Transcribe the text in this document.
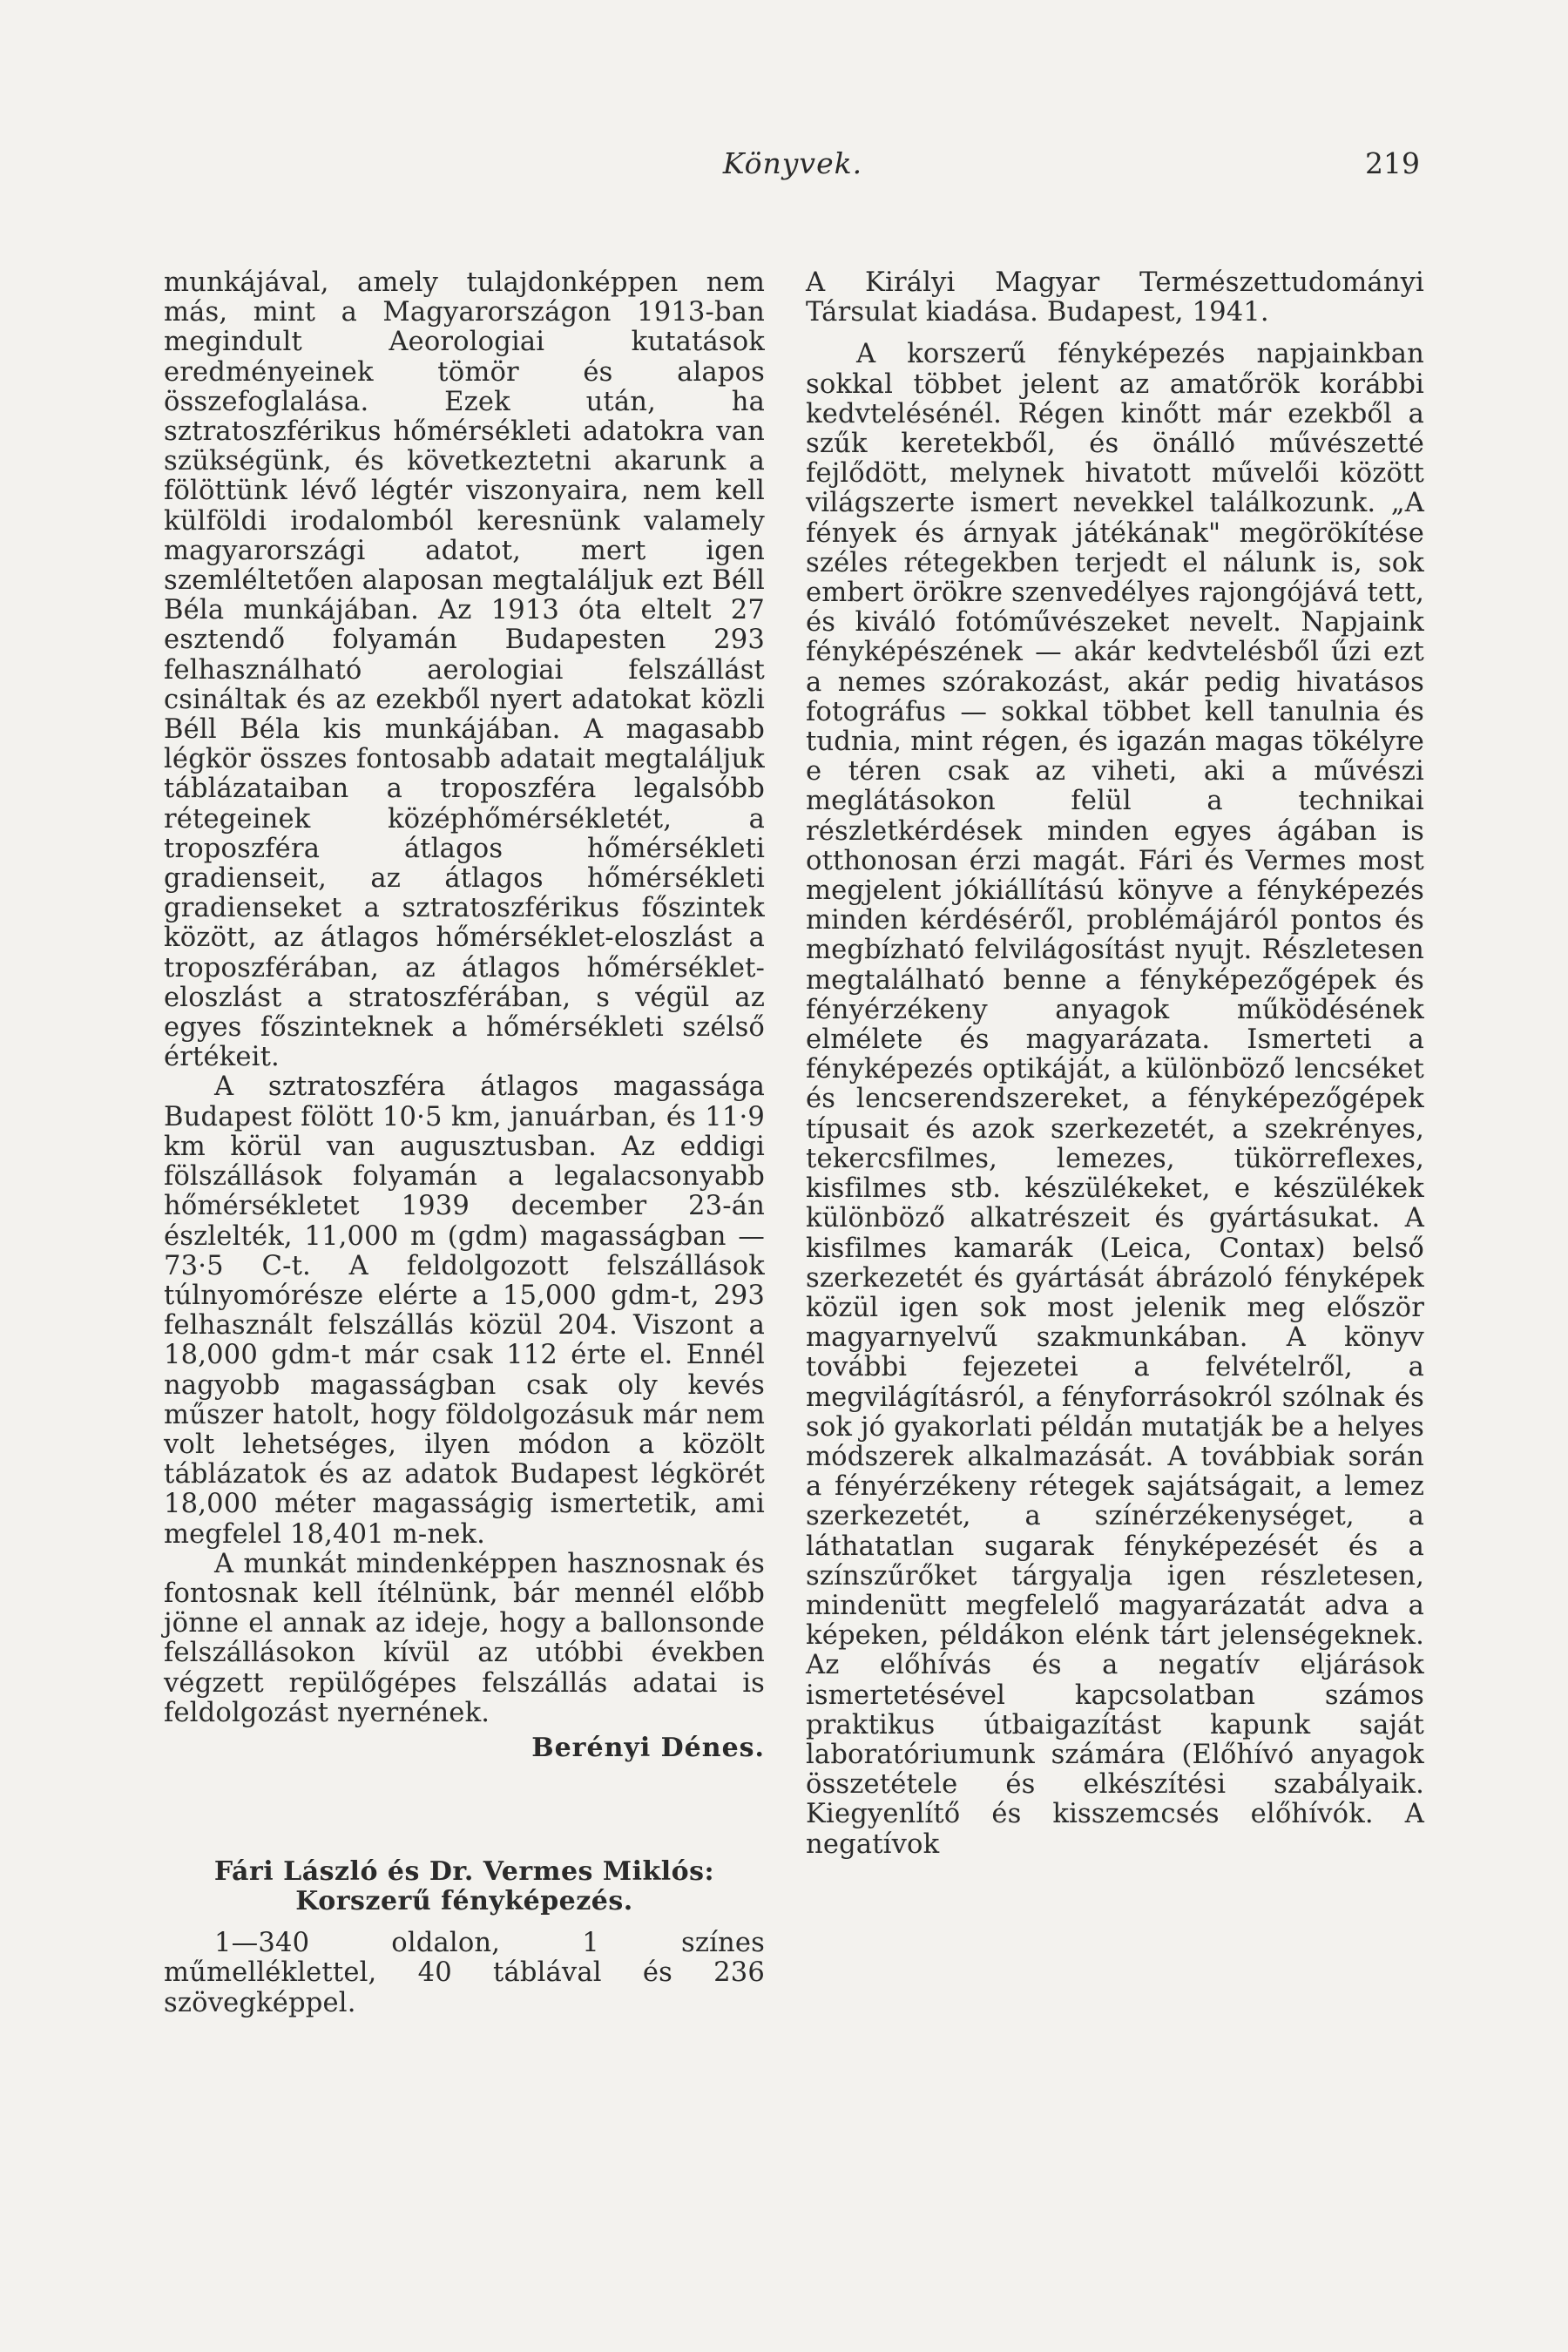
Könyvek.	219

munkájával, amely tulajdonképpen nem más, mint a Magyarországon 1913-ban megindult Aeorologiai kutatások eredményeinek tömör és alapos összefoglalása. Ezek után, ha sztratoszférikus hőmérsékleti adatokra van szükségünk, és következtetni akarunk a fölöttünk lévő légtér viszonyaira, nem kell külföldi irodalomból keresnünk valamely magyarországi adatot, mert igen szemléltetően alaposan megtaláljuk ezt Béll Béla munkájában. Az 1913 óta eltelt 27 esztendő folyamán Budapesten 293 felhasználható aerologiai felszállást csináltak és az ezekből nyert adatokat közli Béll Béla kis munkájában. A magasabb légkör összes fontosabb adatait megtaláljuk táblázataiban a troposzféra legalsóbb rétegeinek középhőmérsékletét, a troposzféra átlagos hőmérsékleti gradienseit, az átlagos hőmérsékleti gradienseket a sztratoszférikus főszintek között, az átlagos hőmérséklet-eloszlást a troposzférában, az átlagos hőmérséklet-eloszlást a stratoszférában, s végül az egyes főszinteknek a hőmérsékleti szélső értékeit.

A sztratoszféra átlagos magassága Budapest fölött 10·5 km, januárban, és 11·9 km körül van augusztusban. Az eddigi fölszállások folyamán a legalacsonyabb hőmérsékletet 1939 december 23-án észlelték, 11,000 m (gdm) magasságban —73·5 C-t. A feldolgozott felszállások túlnyomórésze elérte a 15,000 gdm-t, 293 felhasznált felszállás közül 204. Viszont a 18,000 gdm-t már csak 112 érte el. Ennél nagyobb magasságban csak oly kevés műszer hatolt, hogy földolgozásuk már nem volt lehetséges, ilyen módon a közölt táblázatok és az adatok Budapest légkörét 18,000 méter magasságig ismertetik, ami megfelel 18,401 m-nek.

A munkát mindenképpen hasznosnak és fontosnak kell ítélnünk, bár mennél előbb jönne el annak az ideje, hogy a ballonsonde felszállásokon kívül az utóbbi években végzett repülőgépes felszállás adatai is feldolgozást nyernének.

Berényi Dénes.

Fári László és Dr. Vermes Miklós:
Korszerű fényképezés.

1—340 oldalon, 1 színes műmelléklettel, 40 táblával és 236 szövegképpel.

A Királyi Magyar Természettudományi Társulat kiadása. Budapest, 1941.

A korszerű fényképezés napjainkban sokkal többet jelent az amatőrök korábbi kedvtelésénél. Régen kinőtt már ezekből a szűk keretekből, és önálló művészetté fejlődött, melynek hivatott művelői között világszerte ismert nevekkel találkozunk. „A fények és árnyak játékának" megörökítése széles rétegekben terjedt el nálunk is, sok embert örökre szenvedélyes rajongójává tett, és kiváló fotóművészeket nevelt. Napjaink fényképészének — akár kedvtelésből űzi ezt a nemes szórakozást, akár pedig hivatásos fotográfus — sokkal többet kell tanulnia és tudnia, mint régen, és igazán magas tökélyre e téren csak az viheti, aki a művészi meglátásokon felül a technikai részletkérdések minden egyes ágában is otthonosan érzi magát. Fári és Vermes most megjelent jókiállítású könyve a fényképezés minden kérdéséről, problémájáról pontos és megbízható felvilágosítást nyujt. Részletesen megtalálható benne a fényképezőgépek és fényérzékeny anyagok működésének elmélete és magyarázata. Ismerteti a fényképezés optikáját, a különböző lencséket és lencserendszereket, a fényképezőgépek típusait és azok szerkezetét, a szekrényes, tekercsfilmes, lemezes, tükörreflexes, kisfilmes stb. készülékeket, e készülékek különböző alkatrészeit és gyártásukat. A kisfilmes kamarák (Leica, Contax) belső szerkezetét és gyártását ábrázoló fényképek közül igen sok most jelenik meg először magyarnyelvű szakmunkában. A könyv további fejezetei a felvételről, a megvilágításról, a fényforrásokról szólnak és sok jó gyakorlati példán mutatják be a helyes módszerek alkalmazását. A továbbiak során a fényérzékeny rétegek sajátságait, a lemez szerkezetét, a színérzékenységet, a láthatatlan sugarak fényképezését és a színszűrőket tárgyalja igen részletesen, mindenütt megfelelő magyarázatát adva a képeken, példákon elénk tárt jelenségeknek. Az előhívás és a negatív eljárások ismertetésével kapcsolatban számos praktikus útbaigazítást kapunk saját laboratóriumunk számára (Előhívó anyagok összetétele és elkészítési szabályaik. Kiegyenlítő és kisszemcsés előhívók. A negatívok
